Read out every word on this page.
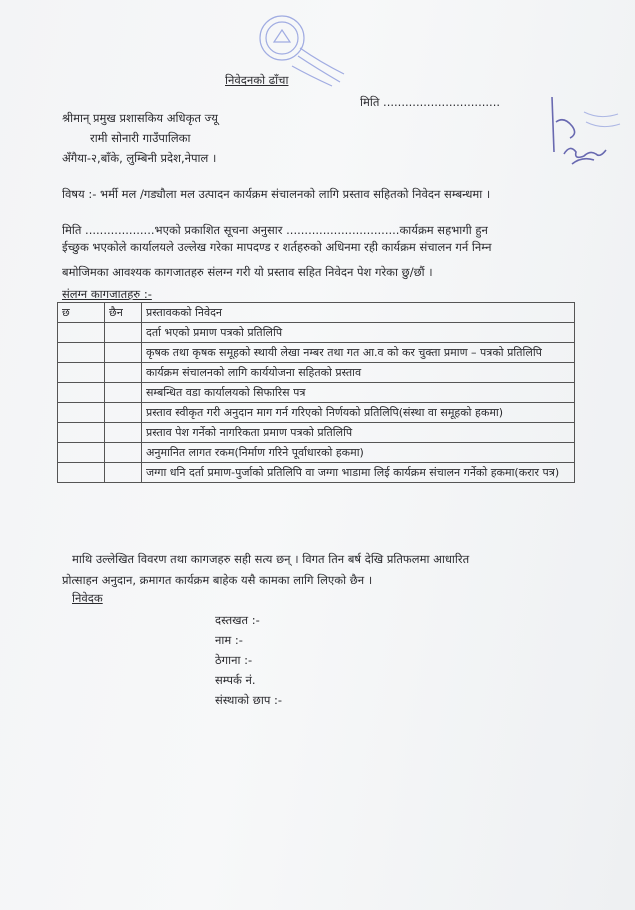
निवेदनको ढाँचा
मिति ................................
श्रीमान् प्रमुख प्रशासकिय अधिकृत ज्यू
रामी सोनारी गाउँपालिका
अँगैया-२,बाँके, लुम्बिनी प्रदेश,नेपाल ।
विषय :- भर्मी मल /गड्यौला मल उत्पादन कार्यक्रम संचालनको लागि प्रस्ताव सहितको निवेदन सम्बन्धमा ।
मिति ...................भएको प्रकाशित सूचना अनुसार ...............................कार्यक्रम सहभागी हुन
ईच्छुक भएकोले कार्यालयले उल्लेख गरेका मापदण्ड र शर्तहरुको अधिनमा रही कार्यक्रम संचालन गर्न निम्न
बमोजिमका आवश्यक कागजातहरु संलग्न गरी यो प्रस्ताव सहित निवेदन पेश गरेका छु/छौं ।
संलग्न कागजातहरु :-
छ	छैन	प्रस्तावकको निवेदन
		दर्ता भएको प्रमाण पत्रको प्रतिलिपि
		कृषक तथा कृषक समूहको स्थायी लेखा नम्बर तथा गत आ.व को कर चुक्ता प्रमाण – पत्रको प्रतिलिपि
		कार्यक्रम संचालनको लागि कार्ययोजना सहितको प्रस्ताव
		सम्बन्धित वडा कार्यालयको सिफारिस पत्र
		प्रस्ताव स्वीकृत गरी अनुदान माग गर्न गरिएको निर्णयको प्रतिलिपि(संस्था वा समूहको हकमा)
		प्रस्ताव पेश गर्नेको नागरिकता प्रमाण पत्रको प्रतिलिपि
		अनुमानित लागत रकम(निर्माण गरिने पूर्वाधारको हकमा)
		जग्गा धनि दर्ता प्रमाण-पुर्जाको प्रतिलिपि वा जग्गा भाडामा लिई कार्यक्रम संचालन गर्नेको हकमा(करार पत्र)
माथि उल्लेखित विवरण तथा कागजहरु सही सत्य छन् । विगत तिन बर्ष देखि प्रतिफलमा आधारित
प्रोत्साहन अनुदान, क्रमागत कार्यक्रम बाहेक यसै कामका लागि लिएको छैन ।
निवेदक
दस्तखत :-
नाम :-
ठेगाना :-
सम्पर्क नं.
संस्थाको छाप :-
